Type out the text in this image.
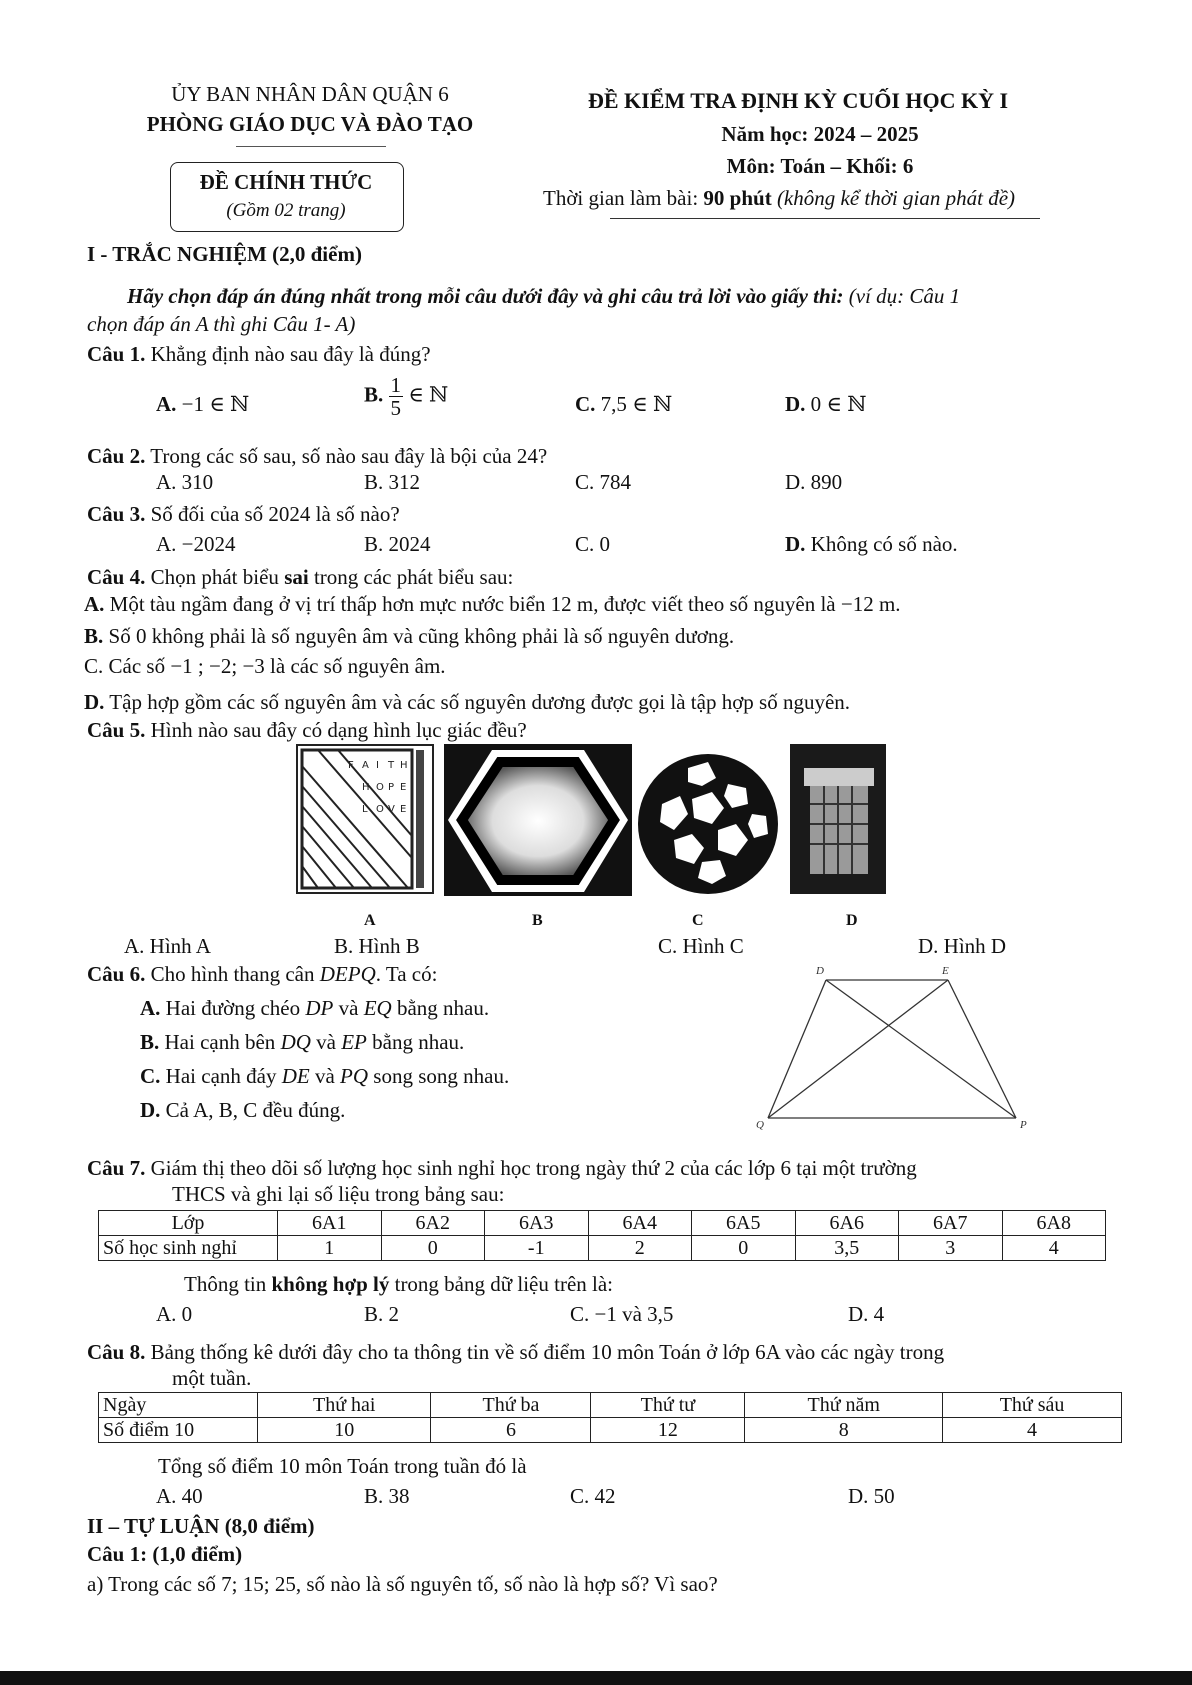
ỦY BAN NHÂN DÂN QUẬN 6
PHÒNG GIÁO DỤC VÀ ĐÀO TẠO
ĐỀ CHÍNH THỨC
(Gồm 02 trang)
ĐỀ KIỂM TRA ĐỊNH KỲ CUỐI HỌC KỲ I
Năm học: 2024 – 2025
Môn: Toán – Khối: 6
Thời gian làm bài: 90 phút (không kể thời gian phát đề)
I - TRẮC NGHIỆM (2,0 điểm)
Hãy chọn đáp án đúng nhất trong mỗi câu dưới đây và ghi câu trả lời vào giấy thi: (ví dụ: Câu 1
chọn đáp án A thì ghi Câu 1- A)
Câu 1. Khẳng định nào sau đây là đúng?
A. −1 ∈ ℕ	B. $\frac{1}{5}$ ∈ ℕ	C. 7,5 ∈ ℕ	D. 0 ∈ ℕ
Câu 2. Trong các số sau, số nào sau đây là bội của 24?
A. 310	B. 312	C. 784	D. 890
Câu 3. Số đối của số 2024 là số nào?
A. −2024	B. 2024	C. 0	D. Không có số nào.
Câu 4. Chọn phát biểu sai trong các phát biểu sau:
A. Một tàu ngầm đang ở vị trí thấp hơn mực nước biển 12 m, được viết theo số nguyên là −12 m.
B. Số 0 không phải là số nguyên âm và cũng không phải là số nguyên dương.
C. Các số −1 ; −2; −3 là các số nguyên âm.
D. Tập hợp gồm các số nguyên âm và các số nguyên dương được gọi là tập hợp số nguyên.
Câu 5. Hình nào sau đây có dạng hình lục giác đều?
F A I T H
H O P E
L O V E
A	B	C	D
A. Hình A	B. Hình B	C. Hình C	D. Hình D
Câu 6. Cho hình thang cân DEPQ. Ta có:
A. Hai đường chéo DP và EQ bằng nhau.
B. Hai cạnh bên DQ và EP bằng nhau.
C. Hai cạnh đáy DE và PQ song song nhau.
D. Cả A, B, C đều đúng.
D	E
Q	P
Câu 7. Giám thị theo dõi số lượng học sinh nghỉ học trong ngày thứ 2 của các lớp 6 tại một trường
THCS và ghi lại số liệu trong bảng sau:
Lớp	6A1	6A2	6A3	6A4	6A5	6A6	6A7	6A8
Số học sinh nghỉ	1	0	-1	2	0	3,5	3	4
Thông tin không hợp lý trong bảng dữ liệu trên là:
A. 0	B. 2	C. −1 và 3,5	D. 4
Câu 8. Bảng thống kê dưới đây cho ta thông tin về số điểm 10 môn Toán ở lớp 6A vào các ngày trong
một tuần.
Ngày	Thứ hai	Thứ ba	Thứ tư	Thứ năm	Thứ sáu
Số điểm 10	10	6	12	8	4
Tổng số điểm 10 môn Toán trong tuần đó là
A. 40	B. 38	C. 42	D. 50
II – TỰ LUẬN (8,0 điểm)
Câu 1: (1,0 điểm)
a) Trong các số 7; 15; 25, số nào là số nguyên tố, số nào là hợp số? Vì sao?
